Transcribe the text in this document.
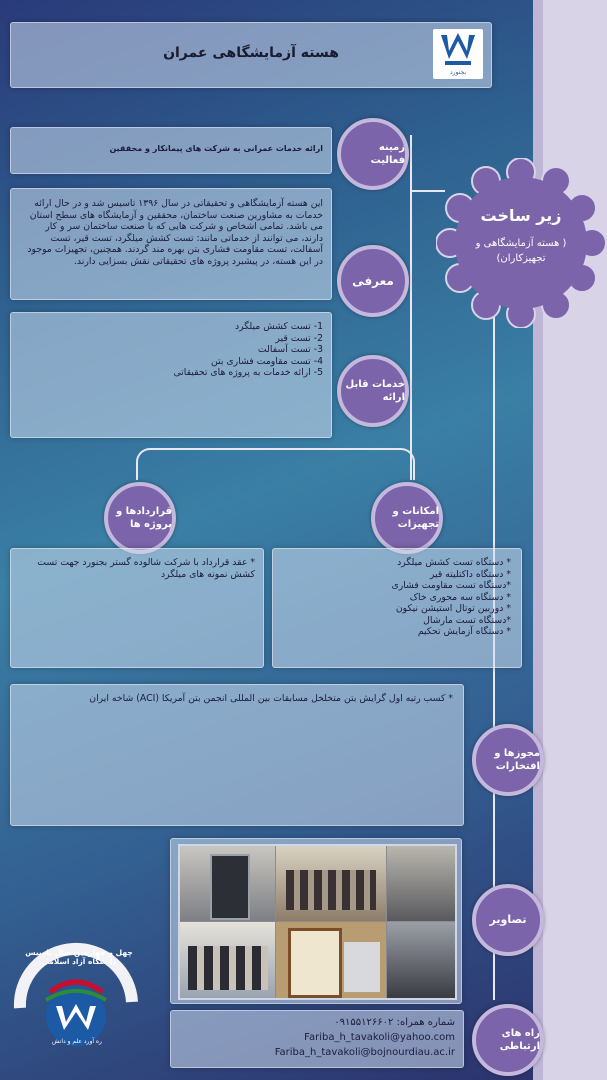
هسته آزمایشگاهی عمران
بجنورد
زیر ساخت
( هسته آزمایشگاهی و تجهیزکاران)
ارائه خدمات عمرانی به شرکت های پیمانکار و محققین	زمینه فعالیت
این هسته آزمایشگاهی و تحقیقاتی در سال ۱۳۹۶ تاسیس شد و در حال ارائه خدمات به مشاورین صنعت ساختمان، محققین و آزمایشگاه های سطح استان می باشد. تمامی اشخاص و شرکت هایی که با صنعت ساختمان سر و کار دارند، می توانند از خدماتی مانند: تست کشش میلگرد، تست قیر، تست آسفالت، تست مقاومت فشاری بتن بهره مند گردند. همچنین، تجهیزات موجود در این هسته، در پیشبرد پروژه های تحقیقاتی نقش بسزایی دارند.
معرفی
1- تست کشش میلگرد
2- تست قیر
3- تست آسفالت
4- تست مقاومت فشاری بتن
5- ارائه خدمات به پروژه های تحقیقاتی
خدمات قابل ارائه
قراردادها و پروژه ها
امکانات و تجهیزات
* عقد قرارداد با شرکت شالوده گستر بجنورد جهت تست کشش نمونه های میلگرد
* دستگاه تست کشش میلگرد
* دستگاه داکتلیته قیر
*دستگاه تست مقاومت فشاری
* دستگاه سه محوری خاک
* دوربین توتال استیشن نیکون
*دستگاه تست مارشال
* دستگاه آزمایش تحکیم
* کسب رتبه اول گرایش بتن متخلخل مسابقات بین المللی انجمن بتن آمریکا (ACI) شاخه ایران
مجوزها و افتخارات
تصاویر
شماره همراه: ۰۹۱۵۵۱۲۶۶۰۲
Fariba_h_tavakoli@yahoo.com
Fariba_h_tavakoli@bojnourdiau.ac.ir
راه های ارتباطی
چهل و چهارمین سال تاسیس دانشگاه آزاد اسلامی
ره آورد علم و دانش
